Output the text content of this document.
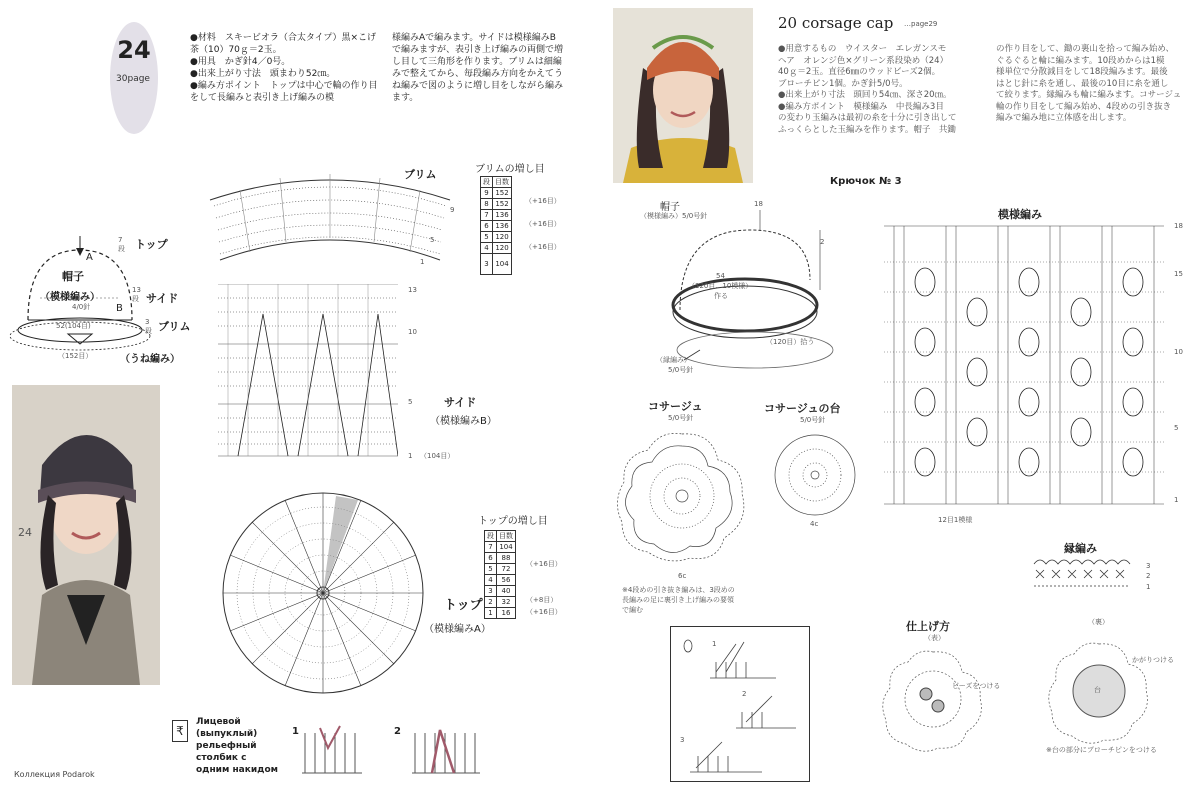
24
30page
●材料　スキービオラ（合太タイプ）黒×こげ茶（10）70ｇ＝2玉。
●用具　かぎ針4／0号。
●出来上がり寸法　頭まわり52㎝。
●編み方ポイント　トップは中心で輪の作り目をして長編みと表引き上げ編みの模
様編みAで編みます。サイドは模様編みB
で編みますが、表引き上げ編みの両側で増
し目して三角形を作ります。ブリムは細編
みで整えてから、毎段編み方向をかえてう
ね編みで図のように増し目をしながら編み
ます。
帽子
（模様編み）
4/0針
A
B
52(104目)
（152目）
7段 トップ
13段 サイド
3段 ブリム
（うね編み）
24
ブリム
9
5
1
ブリムの増し目
段	目数
9	152
8	152
7	136
6	136
5	120
4	120
3	104
（+16目）
（+16目）
（+16目）
13
10
5
1 （104目）
サイド
（模様編みB）
トップ
（模様編みA）
トップの増し目
段	目数
7	104
6	88
5	72
4	56
3	40
2	32
1	16
（+16目）
（+8目）
（+16目）
₹
Лицевой
(выпуклый)
рельефный
столбик с
одним накидом
1	2
Коллекция Podarok
20 corsage cap …page29
●用意するもの　ウイスター　エレガンスモ
ヘア　オレンジ色×グリーン系段染め（24）
40ｇ＝2玉。直径6㎜のウッドビーズ2個。
ブローチピン1個。かぎ針5/0号。
●出来上がり寸法　頭回り54㎝、深さ20㎝。
●編み方ポイント　模様編み　中長編み3目
の変わり玉編みは最初の糸を十分に引き出して
ふっくらとした玉編みを作ります。帽子　共鋤
の作り目をして、鋤の裏山を拾って編み始め、
ぐるぐると輪に編みます。10段めからは1模
様単位で分散減目をして18段編みます。最後
はとじ針に糸を通し、最後の10目に糸を通し
て絞ります。縁編みも輪に編みます。コサージュ
輪の作り目をして編み始め、4段めの引き抜き
編みで編み地に立体感を出します。
Крючок № 3
帽子
（模様編み）5/0号針
18
2
54
（120目…10模様）
作る
（120目）拾う
（縁編み）
5/0号針
模様編み
18
15
10
5
1
12目1模様
縁編み
3
2
1
コサージュ
5/0号針
6c
※4段めの引き抜き編みは、3段めの
長編みの足に裏引き上げ編みの要領
で編む
コサージュの台
5/0号針
4c
1
2
3
仕上げ方
（表）
（裏）
ビーズをつける	台
かがりつける
※台の部分にブローチピンをつける
